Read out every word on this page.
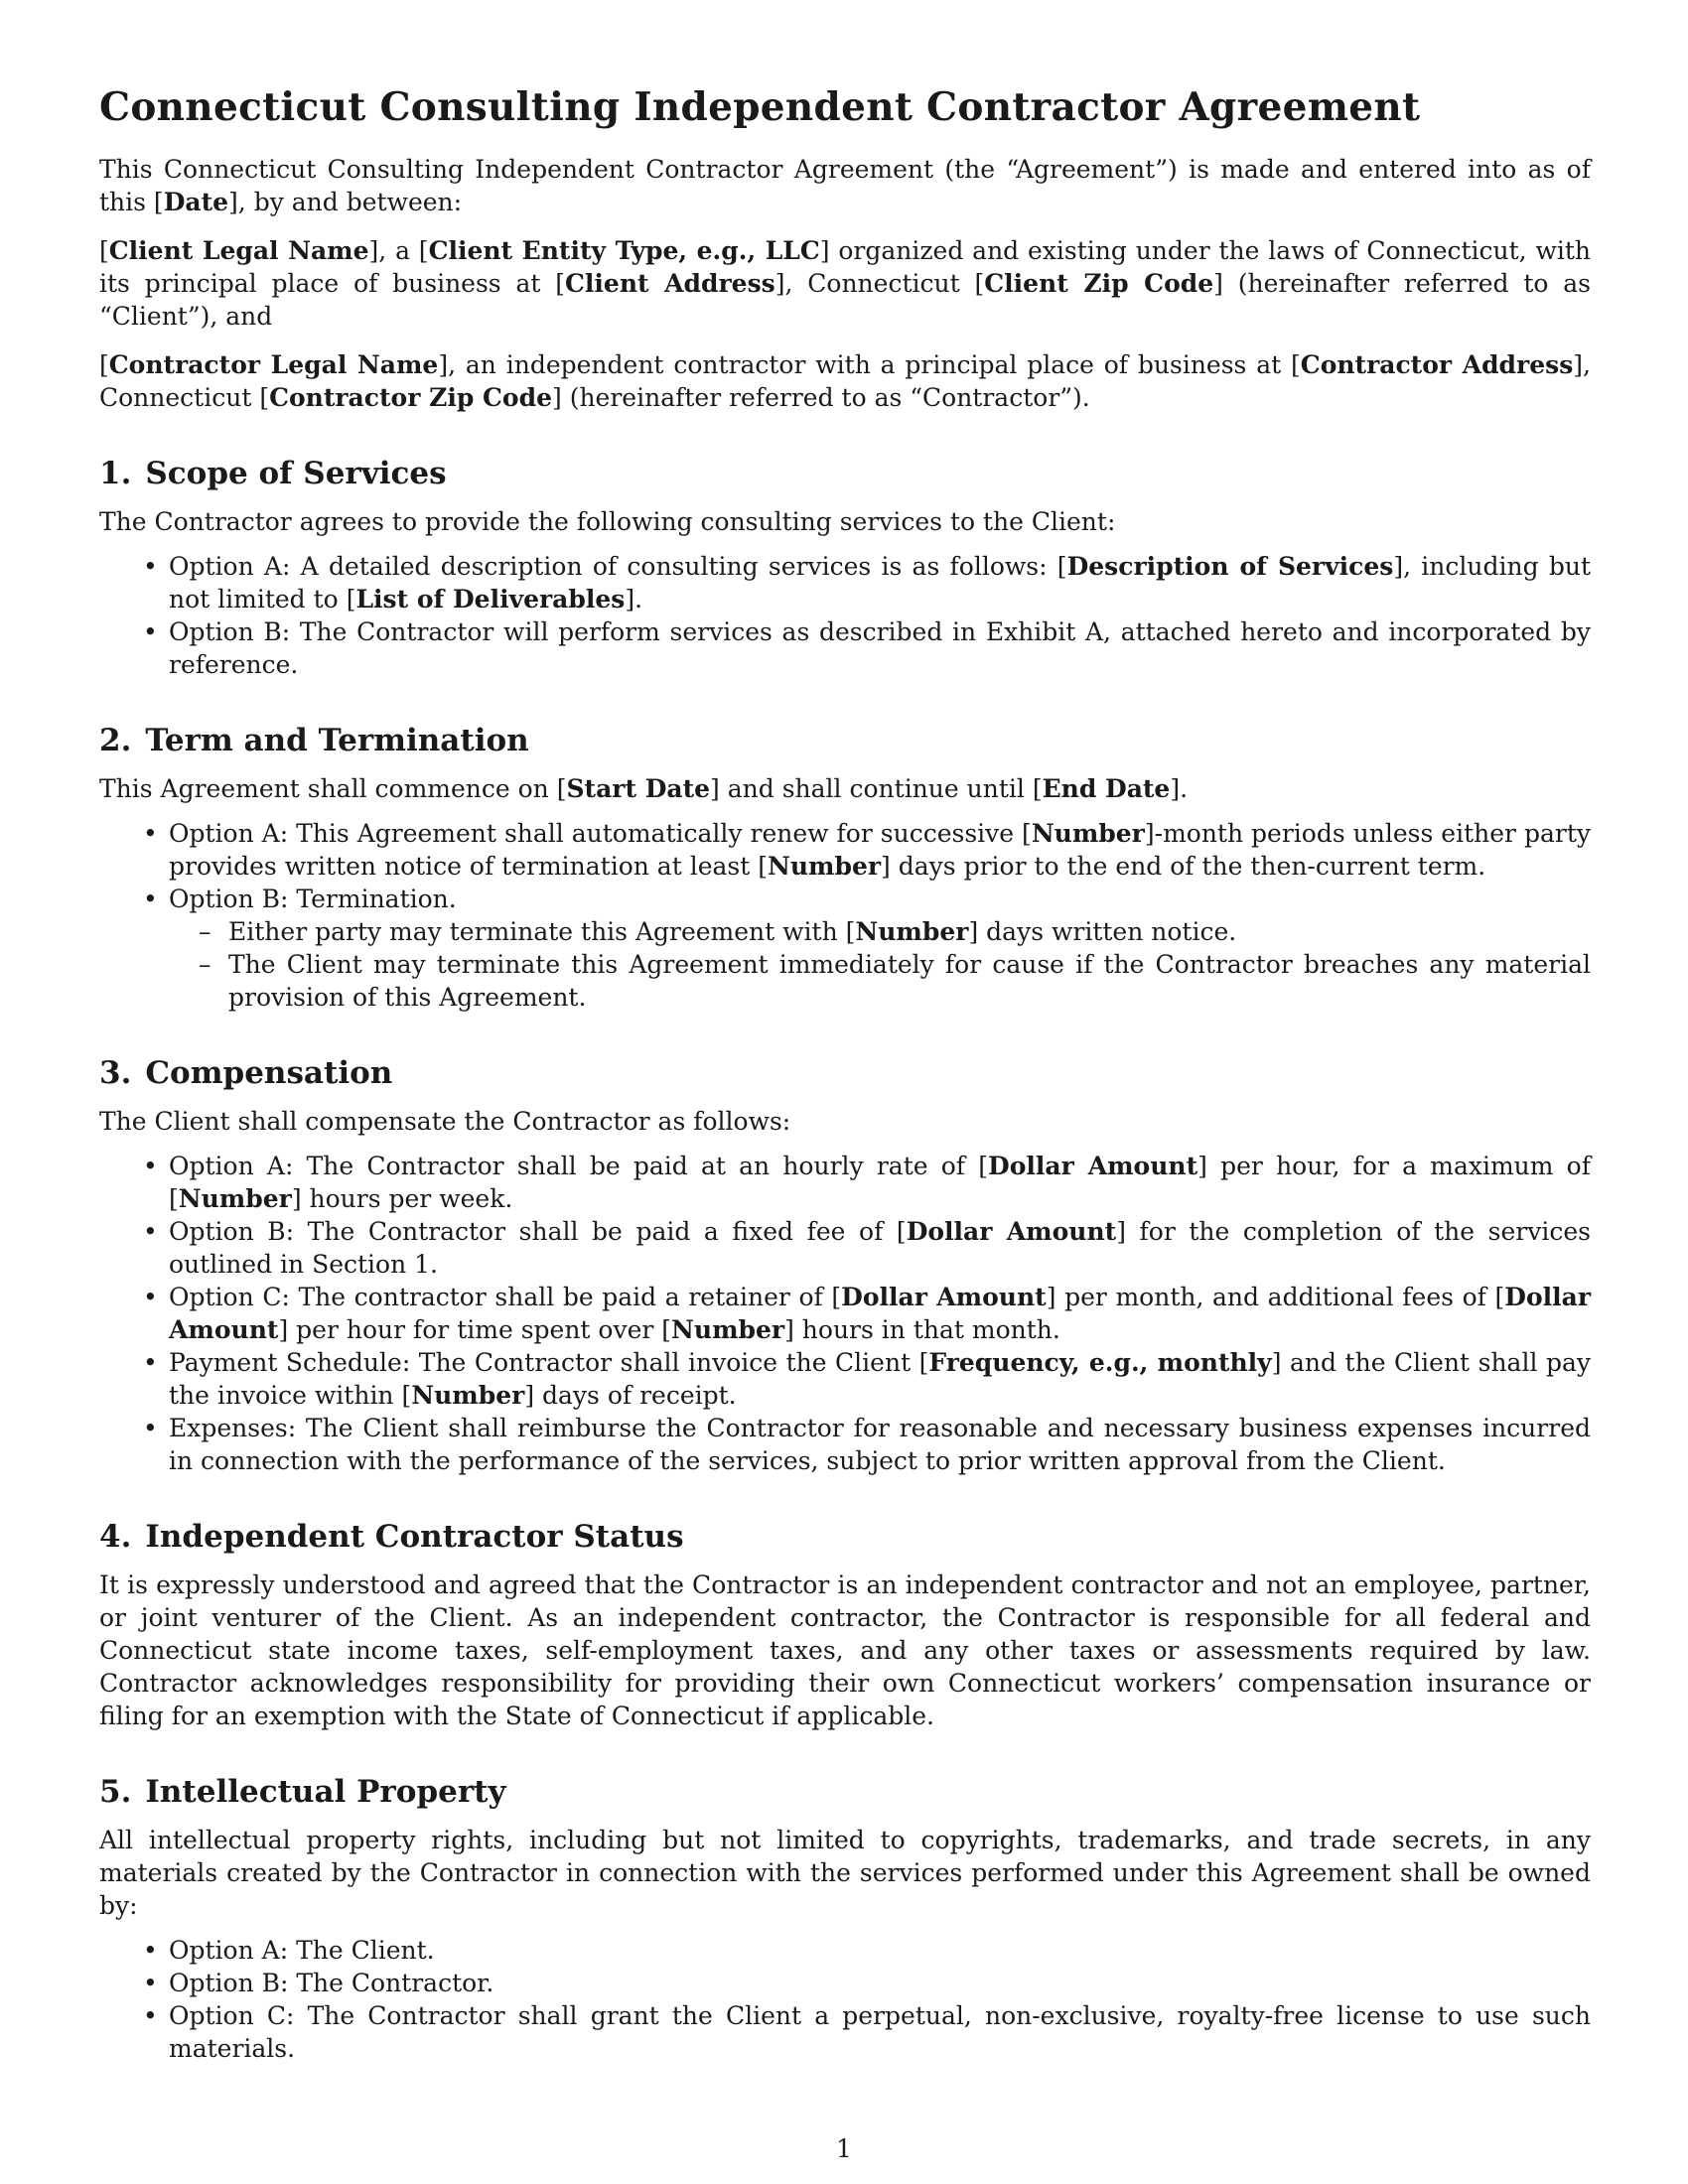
Connecticut Consulting Independent Contractor Agreement

This Connecticut Consulting Independent Contractor Agreement (the “Agreement”) is made and entered into as of this [Date], by and between:

[Client Legal Name], a [Client Entity Type, e.g., LLC] organized and existing under the laws of Connecticut, with its principal place of business at [Client Address], Connecticut [Client Zip Code] (hereinafter referred to as “Client”), and

[Contractor Legal Name], an independent contractor with a principal place of business at [Contractor Address], Connecticut [Contractor Zip Code] (hereinafter referred to as “Contractor”).

1. Scope of Services

The Contractor agrees to provide the following consulting services to the Client:

• Option A: A detailed description of consulting services is as follows: [Description of Services], including but not limited to [List of Deliverables].
• Option B: The Contractor will perform services as described in Exhibit A, attached hereto and incorporated by reference.
2. Term and Termination

This Agreement shall commence on [Start Date] and shall continue until [End Date].

• Option A: This Agreement shall automatically renew for successive [Number]-month periods unless either party provides written notice of termination at least [Number] days prior to the end of the then-current term.
• Option B: Termination.
– Either party may terminate this Agreement with [Number] days written notice.
– The Client may terminate this Agreement immediately for cause if the Contractor breaches any material provision of this Agreement.
3. Compensation

The Client shall compensate the Contractor as follows:

• Option A: The Contractor shall be paid at an hourly rate of [Dollar Amount] per hour, for a maximum of [Number] hours per week.
• Option B: The Contractor shall be paid a fixed fee of [Dollar Amount] for the completion of the services outlined in Section 1.
• Option C: The contractor shall be paid a retainer of [Dollar Amount] per month, and additional fees of [Dollar Amount] per hour for time spent over [Number] hours in that month.
• Payment Schedule: The Contractor shall invoice the Client [Frequency, e.g., monthly] and the Client shall pay the invoice within [Number] days of receipt.
• Expenses: The Client shall reimburse the Contractor for reasonable and necessary business expenses incurred in connection with the performance of the services, subject to prior written approval from the Client.
4. Independent Contractor Status

It is expressly understood and agreed that the Contractor is an independent contractor and not an employee, partner, or joint venturer of the Client. As an independent contractor, the Contractor is responsible for all federal and Connecticut state income taxes, self-employment taxes, and any other taxes or assessments required by law. Contractor acknowledges responsibility for providing their own Connecticut workers’ compensation insurance or filing for an exemption with the State of Connecticut if applicable.

5. Intellectual Property

All intellectual property rights, including but not limited to copyrights, trademarks, and trade secrets, in any materials created by the Contractor in connection with the services performed under this Agreement shall be owned by:

• Option A: The Client.
• Option B: The Contractor.
• Option C: The Contractor shall grant the Client a perpetual, non-exclusive, royalty-free license to use such materials.
1
